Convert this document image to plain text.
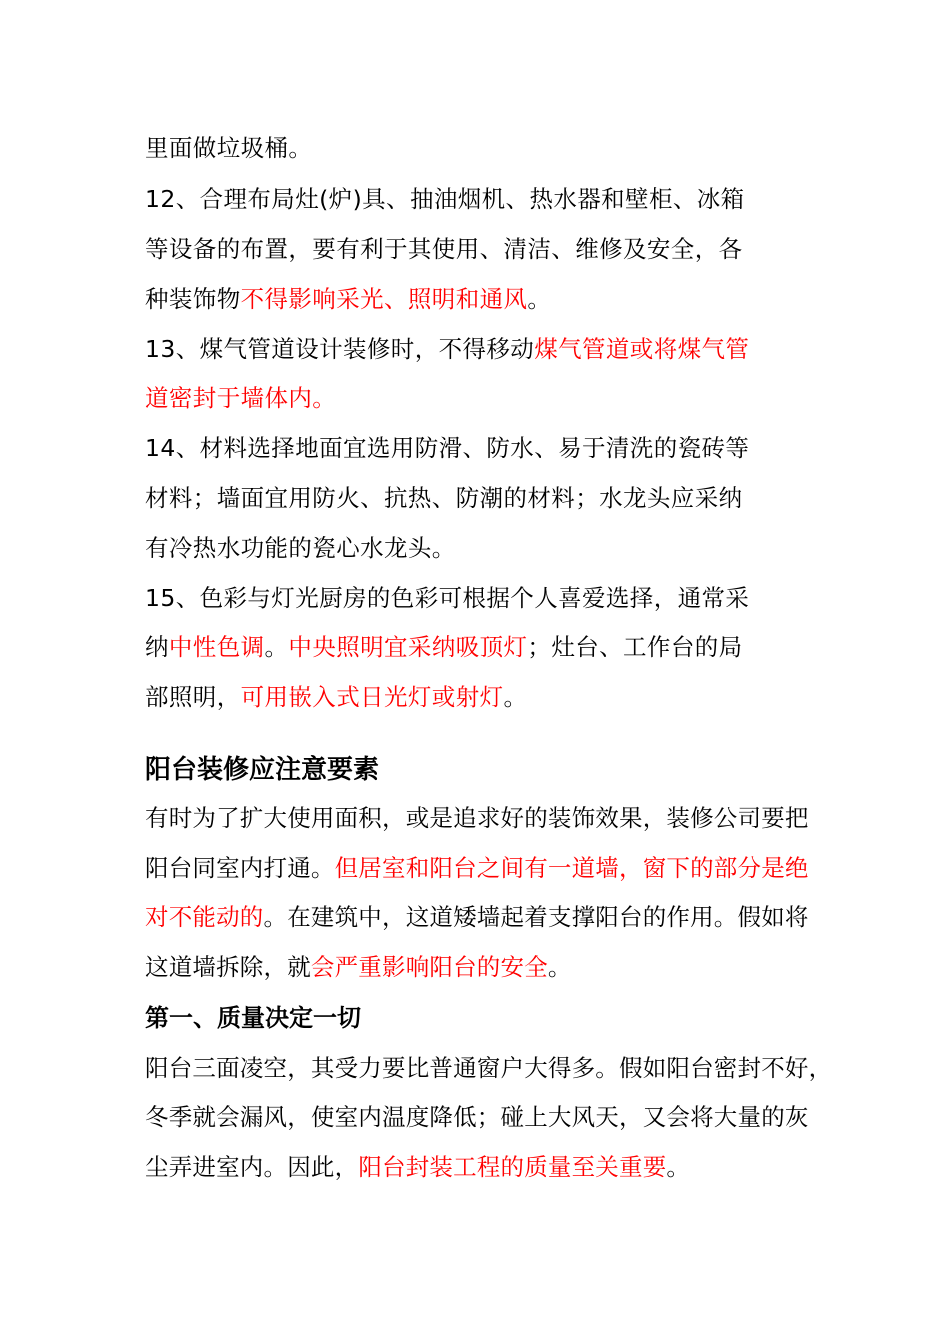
里面做垃圾桶。
12、合理布局灶(炉)具、抽油烟机、热水器和壁柜、冰箱
等设备的布置，要有利于其使用、清洁、维修及安全，各
种装饰物不得影响采光、照明和通风。
13、煤气管道设计装修时，不得移动煤气管道或将煤气管
道密封于墙体内。
14、材料选择地面宜选用防滑、防水、易于清洗的瓷砖等
材料；墙面宜用防火、抗热、防潮的材料；水龙头应采纳
有冷热水功能的瓷心水龙头。
15、色彩与灯光厨房的色彩可根据个人喜爱选择，通常采
纳中性色调。中央照明宜采纳吸顶灯；灶台、工作台的局
部照明，可用嵌入式日光灯或射灯。
阳台装修应注意要素
有时为了扩大使用面积，或是追求好的装饰效果，装修公司要把
阳台同室内打通。但居室和阳台之间有一道墙，窗下的部分是绝
对不能动的。在建筑中，这道矮墙起着支撑阳台的作用。假如将
这道墙拆除，就会严重影响阳台的安全。
第一、质量决定一切
阳台三面凌空，其受力要比普通窗户大得多。假如阳台密封不好，
冬季就会漏风，使室内温度降低；碰上大风天，又会将大量的灰
尘弄进室内。因此，阳台封装工程的质量至关重要。
